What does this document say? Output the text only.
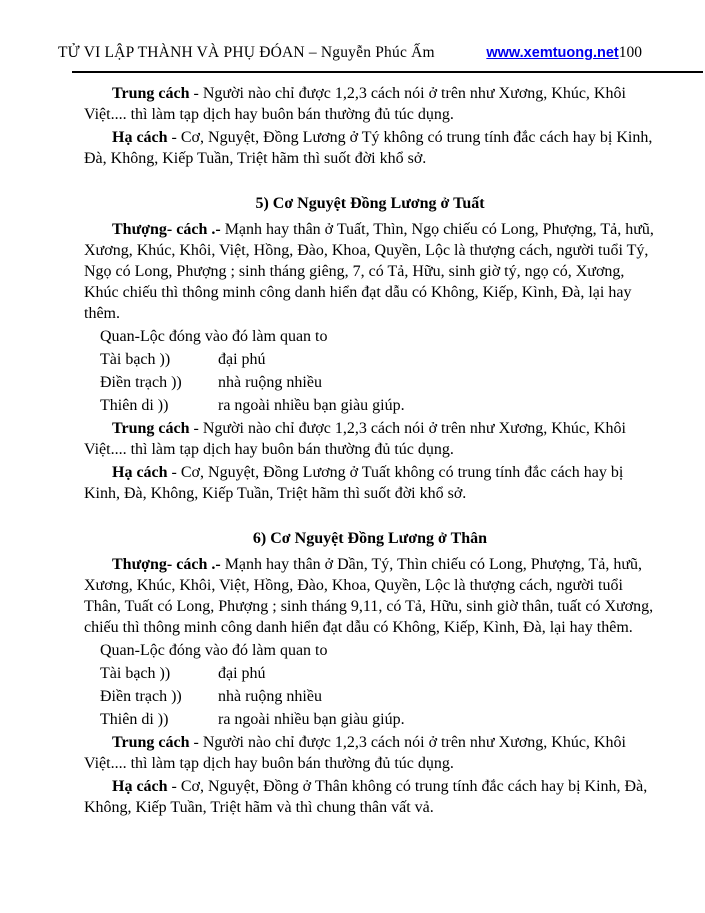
TỬ VI LẬP THÀNH VÀ PHỤ ĐÓAN – Nguyễn Phúc Ấm	www.xemtuong.net 100

Trung cách - Người nào chỉ được 1,2,3 cách nói ở trên như Xương, Khúc, Khôi Việt.... thì làm tạp dịch hay buôn bán thường đủ túc dụng.

Hạ cách - Cơ, Nguyệt, Đồng Lương ở Tý không có trung tính đắc cách hay bị Kinh, Đà, Không, Kiếp Tuần, Triệt hãm thì suốt đời khổ sở.

5) Cơ Nguyệt Đồng Lương ở Tuất

Thượng- cách .- Mạnh hay thân ở Tuất, Thìn, Ngọ chiếu có Long, Phượng, Tả, hưũ, Xương, Khúc, Khôi, Việt, Hồng, Đào, Khoa, Quyền, Lộc là thượng cách, người tuổi Tý, Ngọ có Long, Phượng ; sinh tháng giêng, 7, có Tả, Hữu, sinh giờ tý, ngọ có, Xương, Khúc chiếu thì thông minh công danh hiển đạt dẫu có Không, Kiếp, Kình, Đà, lại hay thêm.

Quan-Lộc đóng vào đó làm quan to
Tài bạch ))	đại phú
Điền trạch ))	nhà ruộng nhiều
Thiên di ))	ra ngoài nhiều bạn giàu giúp.

Trung cách - Người nào chỉ được 1,2,3 cách nói ở trên như Xương, Khúc, Khôi Việt.... thì làm tạp dịch hay buôn bán thường đủ túc dụng.

Hạ cách - Cơ, Nguyệt, Đồng Lương ở Tuất không có trung tính đắc cách hay bị Kinh, Đà, Không, Kiếp Tuần, Triệt hãm thì suốt đời khổ sở.

6) Cơ Nguyệt Đồng Lương ở Thân

Thượng- cách .- Mạnh hay thân ở Dần, Tý, Thìn chiếu có Long, Phượng, Tả, hưũ, Xương, Khúc, Khôi, Việt, Hồng, Đào, Khoa, Quyền, Lộc là thượng cách, người tuổi Thân, Tuất có Long, Phượng ; sinh tháng 9,11, có Tả, Hữu, sinh giờ thân, tuất có Xương, chiếu thì thông minh công danh hiển đạt dẫu có Không, Kiếp, Kình, Đà, lại hay thêm.

Quan-Lộc đóng vào đó làm quan to
Tài bạch ))	đại phú
Điền trạch ))	nhà ruộng nhiều
Thiên di ))	ra ngoài nhiều bạn giàu giúp.

Trung cách - Người nào chỉ được 1,2,3 cách nói ở trên như Xương, Khúc, Khôi Việt.... thì làm tạp dịch hay buôn bán thường đủ túc dụng.

Hạ cách - Cơ, Nguyệt, Đồng ở Thân không có trung tính đắc cách hay bị Kinh, Đà, Không, Kiếp Tuần, Triệt hãm và thì chung thân vất vả.
